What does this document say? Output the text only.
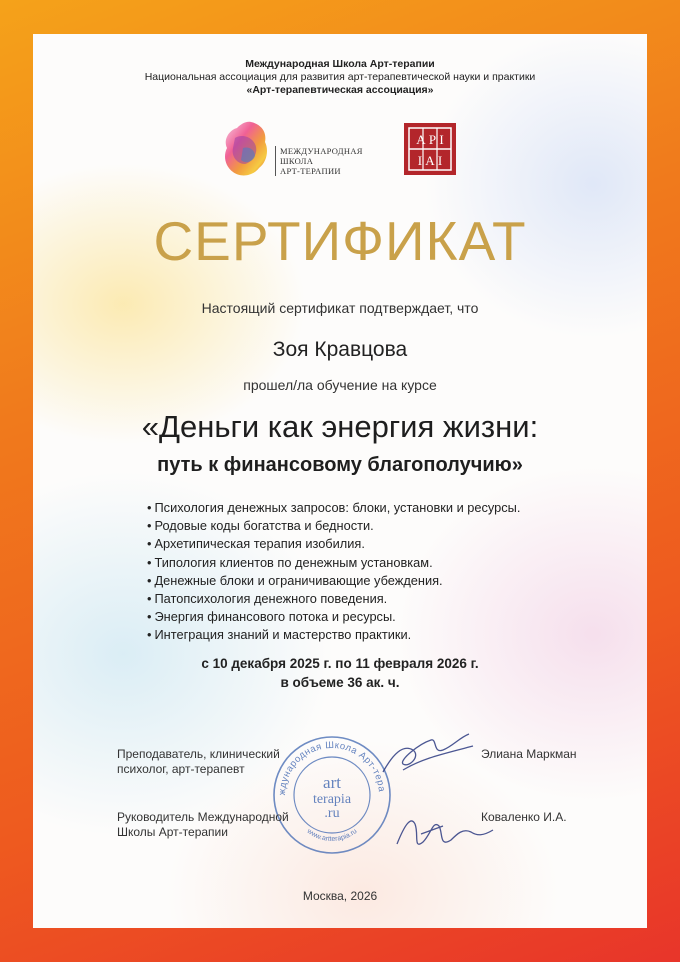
Международная Школа Арт-терапии
Национальная ассоциация для развития арт-терапевтической науки и практики
«Арт-терапевтическая ассоциация»
МЕЖДУНАРОДНАЯ
ШКОЛА
АРТ-ТЕРАПИИ
А Р І
І А І
СЕРТИФИКАТ
Настоящий сертификат подтверждает, что
Зоя Кравцова
прошел/ла обучение на курсе
«Деньги как энергия жизни:
путь к финансовому благополучию»
• Психология денежных запросов: блоки, установки и ресурсы.
• Родовые коды богатства и бедности.
• Архетипическая терапия изобилия.
• Типология клиентов по денежным установкам.
• Денежные блоки и ограничивающие убеждения.
• Патопсихология денежного поведения.
• Энергия финансового потока и ресурсы.
• Интеграция знаний и мастерство практики.
с 10 декабря 2025 г. по 11 февраля 2026 г.
в объеме 36 ак. ч.
ждународная Школа Арт-тера
www.artterapia.ru
art
terapia
.ru
Преподаватель, клинический
психолог, арт-терапевт
Элиана Маркман
Руководитель Международной
Школы Арт-терапии
Коваленко И.А.
Москва, 2026
